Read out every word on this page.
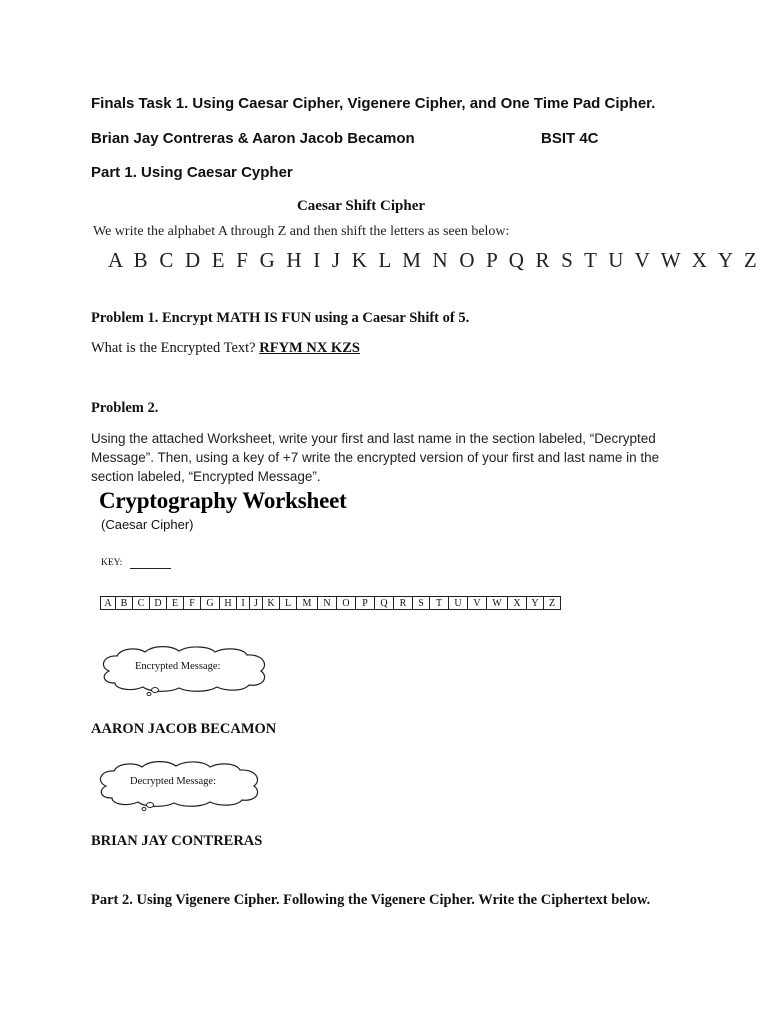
Finals Task 1. Using Caesar Cipher, Vigenere Cipher, and One Time Pad Cipher.
Brian Jay Contreras & Aaron Jacob Becamon	BSIT 4C
Part 1. Using Caesar Cypher
Caesar Shift Cipher
We write the alphabet A through Z and then shift the letters as seen below:
A B C D E F G H I J K L M N O P Q R S T U V W X Y Z
Problem 1. Encrypt MATH IS FUN using a Caesar Shift of 5.
What is the Encrypted Text? RFYM NX KZS
Problem 2.
Using the attached Worksheet, write your first and last name in the section labeled, “Decrypted Message”. Then, using a key of +7 write the encrypted version of your first and last name in the section labeled, “Encrypted Message”.
Cryptography Worksheet
(Caesar Cipher)
KEY:
A	B	C	D	E	F	G	H	I	J	K	L	M	N	O	P	Q	R	S	T	U	V	W	X	Y	Z
Encrypted Message:
AARON JACOB BECAMON
Decrypted Message:
BRIAN JAY CONTRERAS
Part 2. Using Vigenere Cipher. Following the Vigenere Cipher. Write the Ciphertext below.
